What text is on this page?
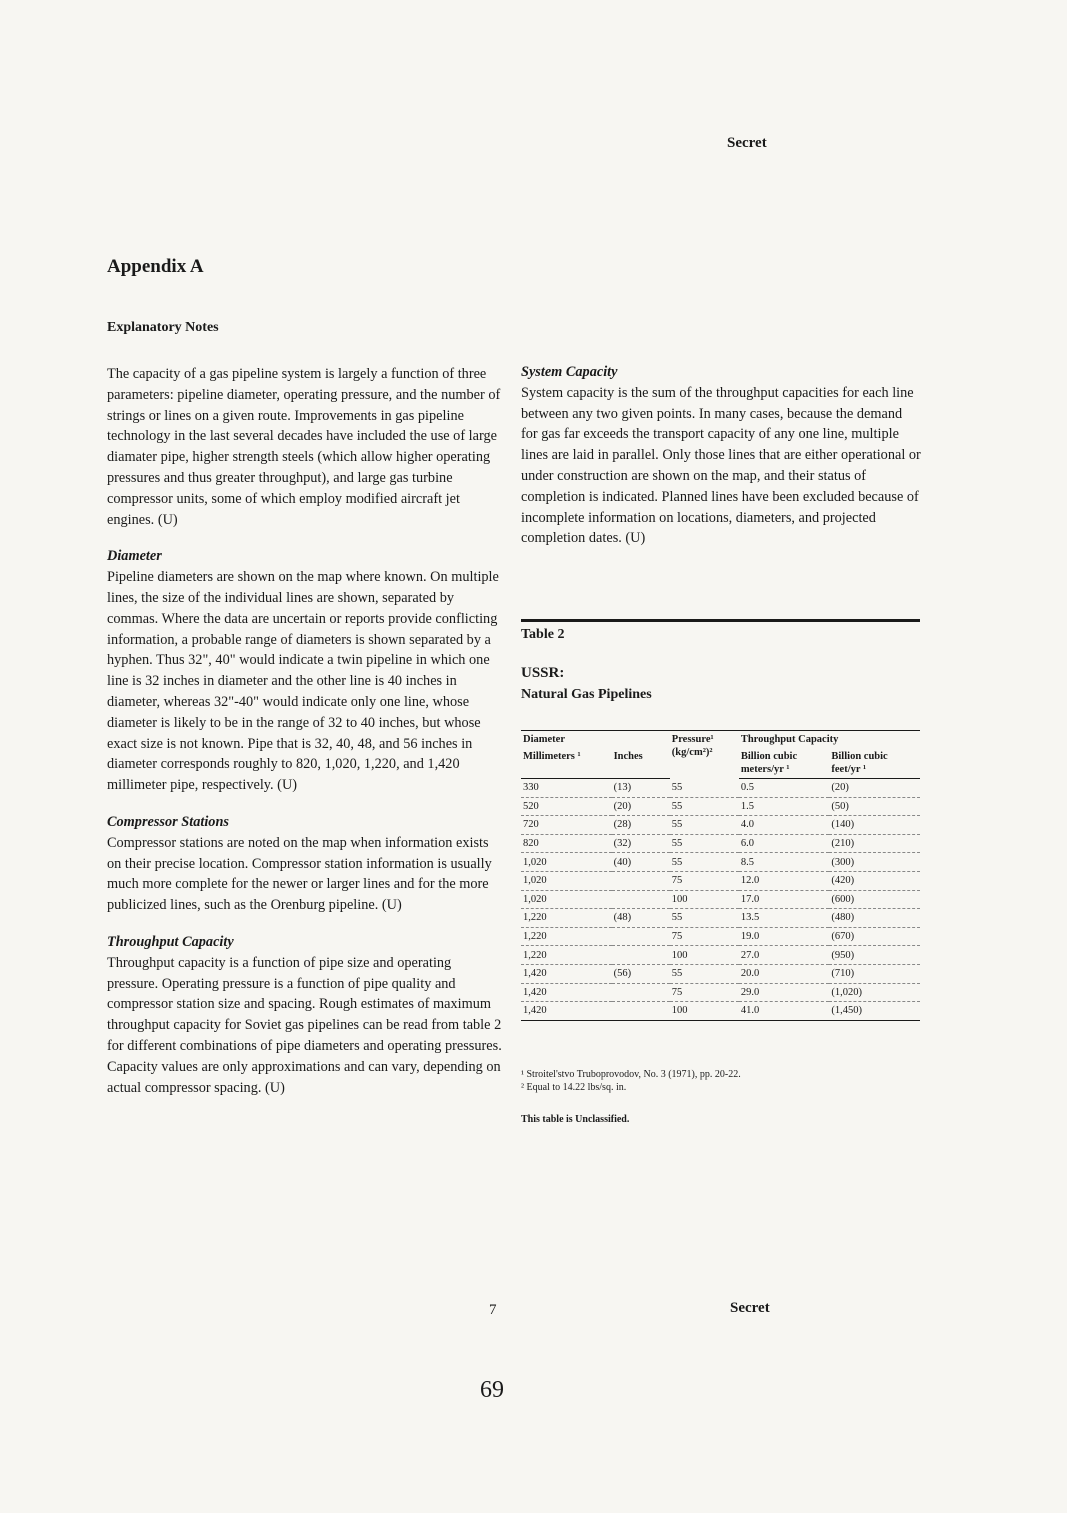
Secret
Appendix A
Explanatory Notes

The capacity of a gas pipeline system is largely a function of three parameters: pipeline diameter, operating pressure, and the number of strings or lines on a given route. Improvements in gas pipeline technology in the last several decades have included the use of large diamater pipe, higher strength steels (which allow higher operating pressures and thus greater throughput), and large gas turbine compressor units, some of which employ modified aircraft jet engines. (U)

Diameter

Pipeline diameters are shown on the map where known. On multiple lines, the size of the individual lines are shown, separated by commas. Where the data are uncertain or reports provide conflicting information, a probable range of diameters is shown separated by a hyphen. Thus 32", 40" would indicate a twin pipeline in which one line is 32 inches in diameter and the other line is 40 inches in diameter, whereas 32"-40" would indicate only one line, whose diameter is likely to be in the range of 32 to 40 inches, but whose exact size is not known. Pipe that is 32, 40, 48, and 56 inches in diameter corresponds roughly to 820, 1,020, 1,220, and 1,420 millimeter pipe, respectively. (U)

Compressor Stations

Compressor stations are noted on the map when information exists on their precise location. Compressor station information is usually much more complete for the newer or larger lines and for the more publicized lines, such as the Orenburg pipeline. (U)

Throughput Capacity

Throughput capacity is a function of pipe size and operating pressure. Operating pressure is a function of pipe quality and compressor station size and spacing. Rough estimates of maximum throughput capacity for Soviet gas pipelines can be read from table 2 for different combinations of pipe diameters and operating pressures. Capacity values are only approximations and can vary, depending on actual compressor spacing. (U)

System Capacity

System capacity is the sum of the throughput capacities for each line between any two given points. In many cases, because the demand for gas far exceeds the transport capacity of any one line, multiple lines are laid in parallel. Only those lines that are either operational or under construction are shown on the map, and their status of completion is indicated. Planned lines have been excluded because of incomplete information on locations, diameters, and projected completion dates. (U)

Table 2
USSR:
Natural Gas Pipelines
Diameter		Pressure¹ (kg/cm²)²	Throughput Capacity	
Millimeters ¹	Inches		Billion cubic meters/yr ¹	Billion cubic feet/yr ¹
330	(13)	55	0.5	(20)
520	(20)	55	1.5	(50)
720	(28)	55	4.0	(140)
820	(32)	55	6.0	(210)
1,020	(40)	55	8.5	(300)
1,020		75	12.0	(420)
1,020		100	17.0	(600)
1,220	(48)	55	13.5	(480)
1,220		75	19.0	(670)
1,220		100	27.0	(950)
1,420	(56)	55	20.0	(710)
1,420		75	29.0	(1,020)
1,420		100	41.0	(1,450)
¹ Stroitel'stvo Truboprovodov, No. 3 (1971), pp. 20-22.
² Equal to 14.22 lbs/sq. in.
This table is Unclassified.
7	Secret
69
